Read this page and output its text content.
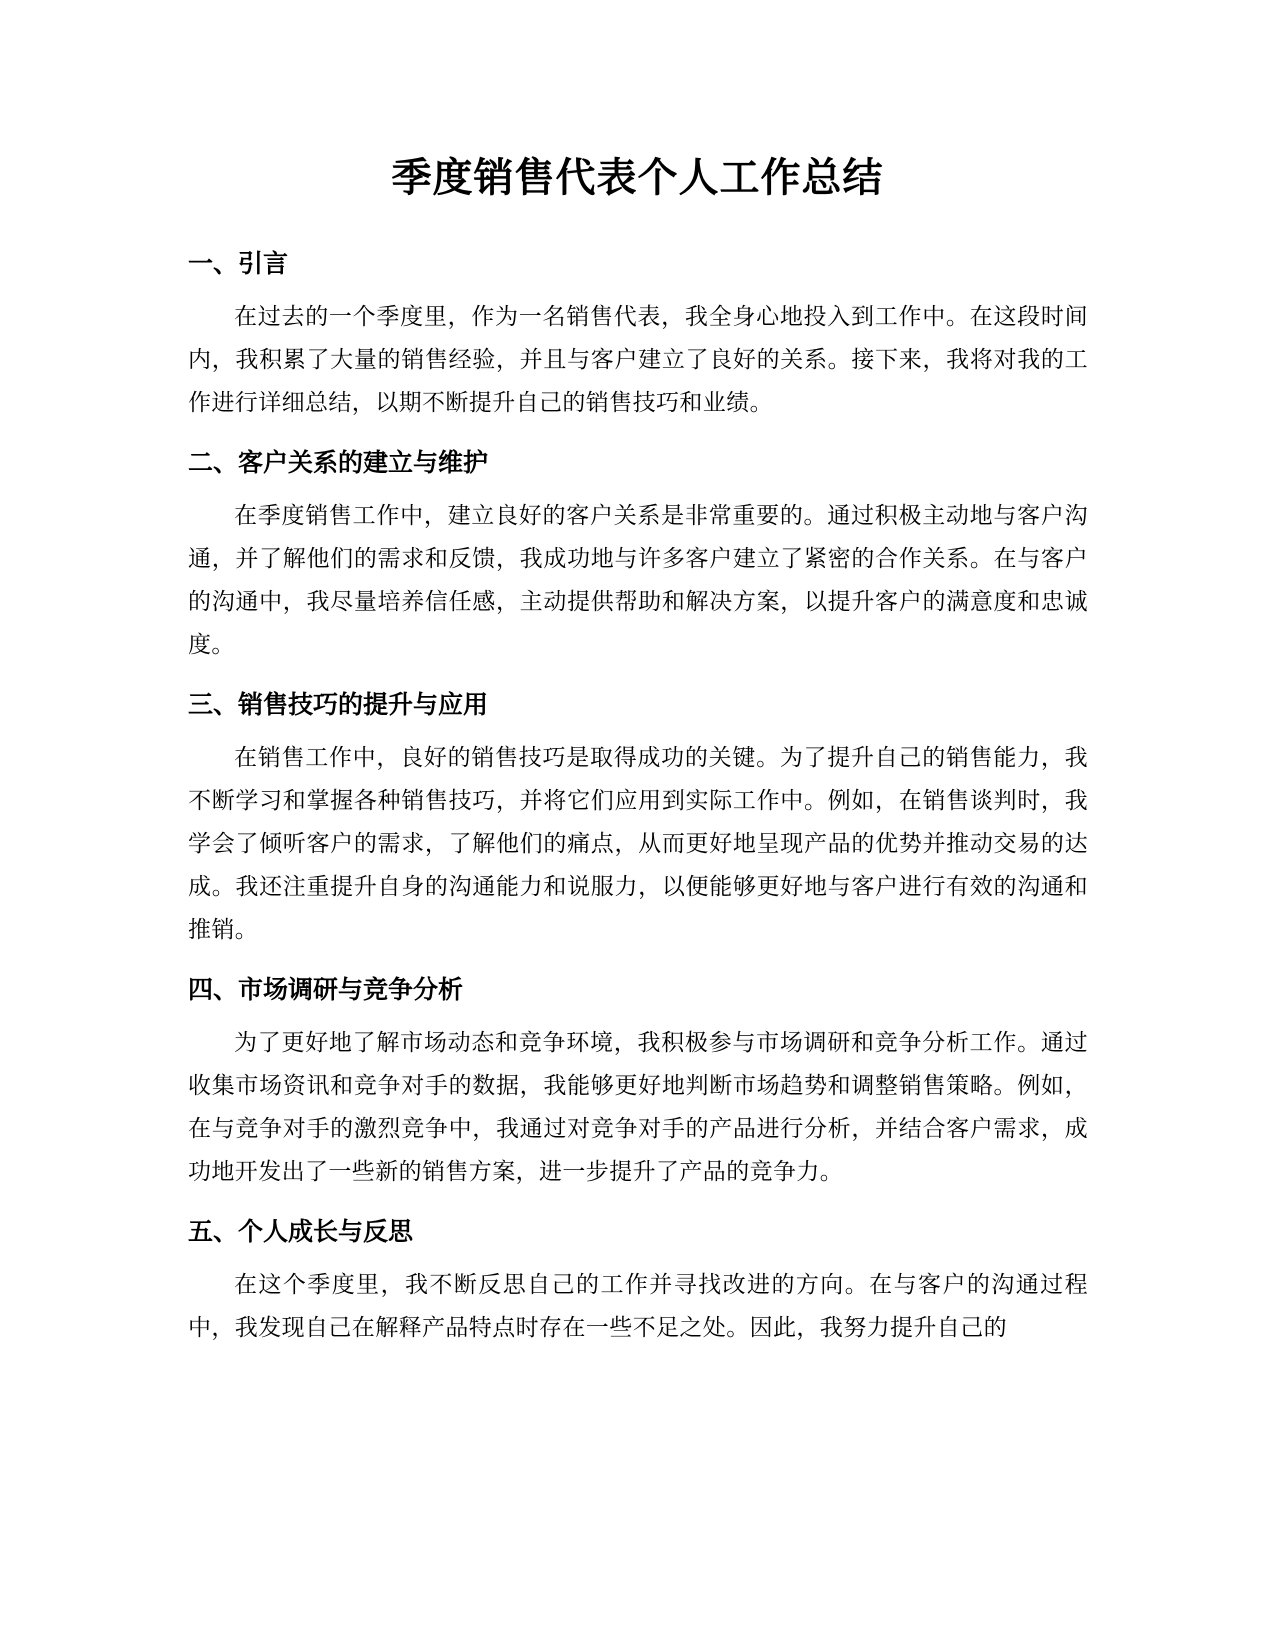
季度销售代表个人工作总结
一、引言

在过去的一个季度里，作为一名销售代表，我全身心地投入到工作中。在这段时间内，我积累了大量的销售经验，并且与客户建立了良好的关系。接下来，我将对我的工作进行详细总结，以期不断提升自己的销售技巧和业绩。

二、客户关系的建立与维护

在季度销售工作中，建立良好的客户关系是非常重要的。通过积极主动地与客户沟通，并了解他们的需求和反馈，我成功地与许多客户建立了紧密的合作关系。在与客户的沟通中，我尽量培养信任感，主动提供帮助和解决方案，以提升客户的满意度和忠诚度。

三、销售技巧的提升与应用

在销售工作中，良好的销售技巧是取得成功的关键。为了提升自己的销售能力，我不断学习和掌握各种销售技巧，并将它们应用到实际工作中。例如，在销售谈判时，我学会了倾听客户的需求，了解他们的痛点，从而更好地呈现产品的优势并推动交易的达成。我还注重提升自身的沟通能力和说服力，以便能够更好地与客户进行有效的沟通和推销。

四、市场调研与竞争分析

为了更好地了解市场动态和竞争环境，我积极参与市场调研和竞争分析工作。通过收集市场资讯和竞争对手的数据，我能够更好地判断市场趋势和调整销售策略。例如，在与竞争对手的激烈竞争中，我通过对竞争对手的产品进行分析，并结合客户需求，成功地开发出了一些新的销售方案，进一步提升了产品的竞争力。

五、个人成长与反思

在这个季度里，我不断反思自己的工作并寻找改进的方向。在与客户的沟通过程中，我发现自己在解释产品特点时存在一些不足之处。因此，我努力提升自己的
